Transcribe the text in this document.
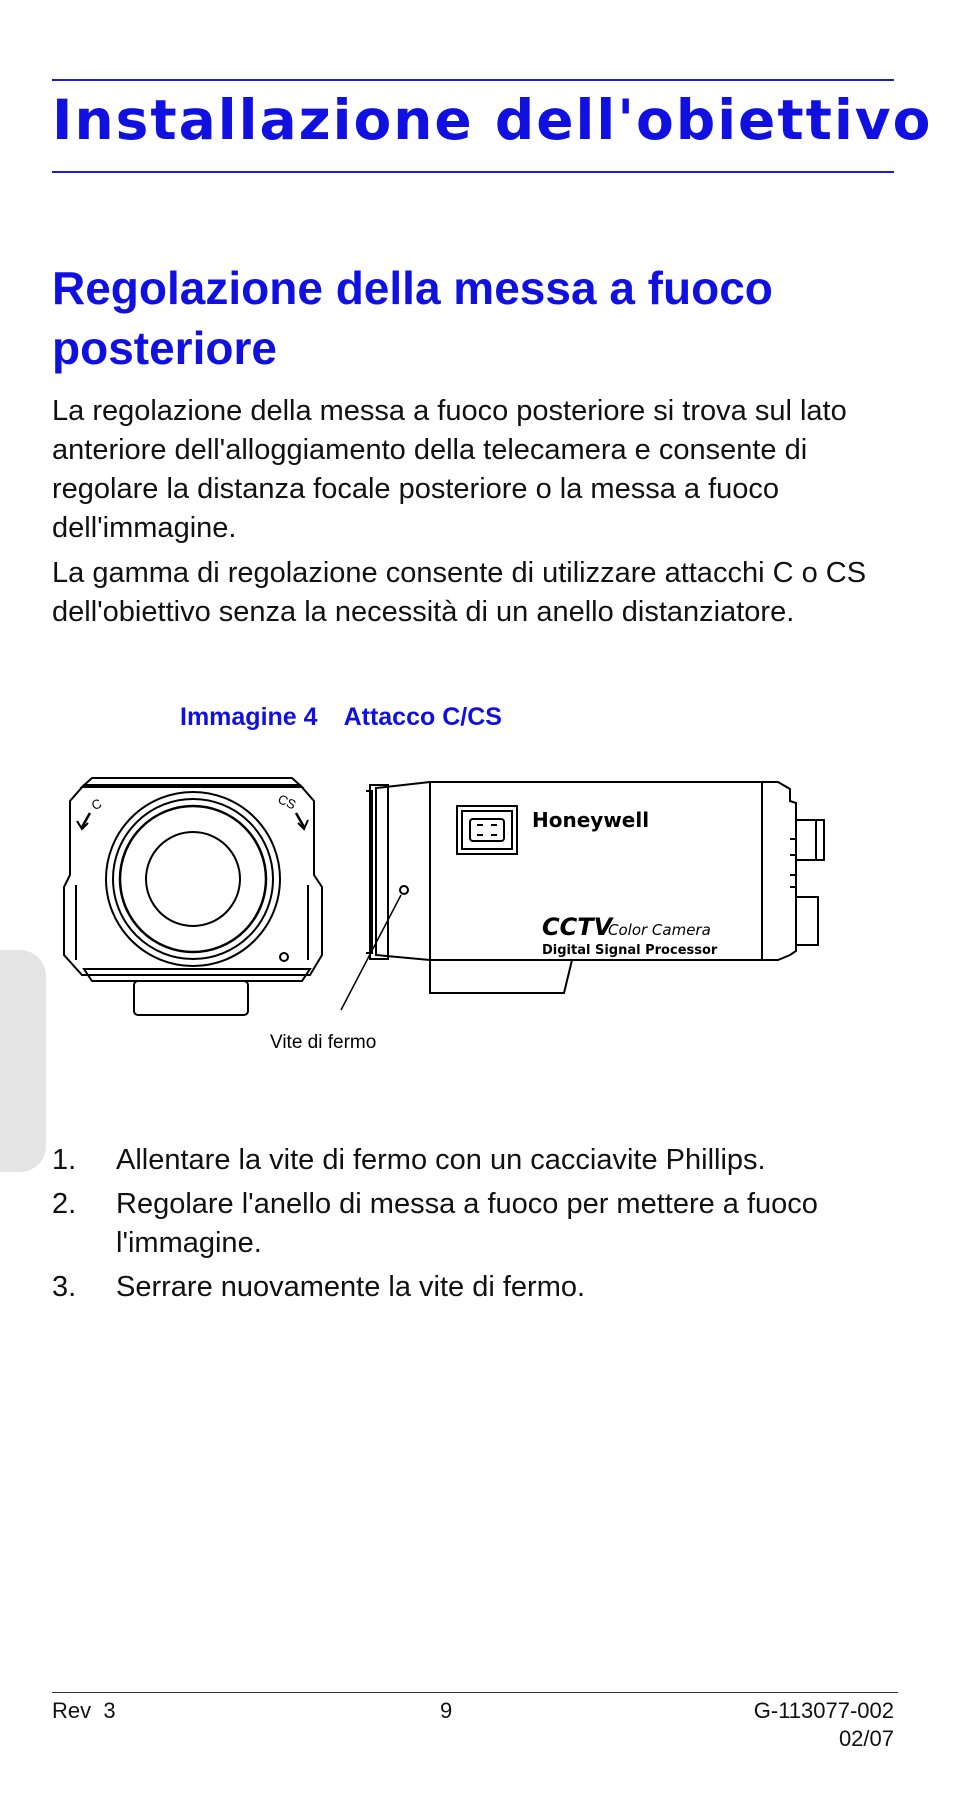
Installazione dell'obiettivo
Regolazione della messa a fuoco posteriore

La regolazione della messa a fuoco posteriore si trova sul lato anteriore dell'alloggiamento della telecamera e consente di regolare la distanza focale posteriore o la messa a fuoco dell'immagine.

La gamma di regolazione consente di utilizzare attacchi C o CS dell'obiettivo senza la necessità di un anello distanziatore.

Immagine 4 Attacco C/CS

C	CS
Honeywell
CCTV
Color Camera
Digital Signal Processor
Vite di fermo
1. Allentare la vite di fermo con un cacciavite Phillips.
2. Regolare l'anello di messa a fuoco per mettere a fuoco l'immagine.
3. Serrare nuovamente la vite di fermo.
Rev  3	9	G-113077-002
02/07
